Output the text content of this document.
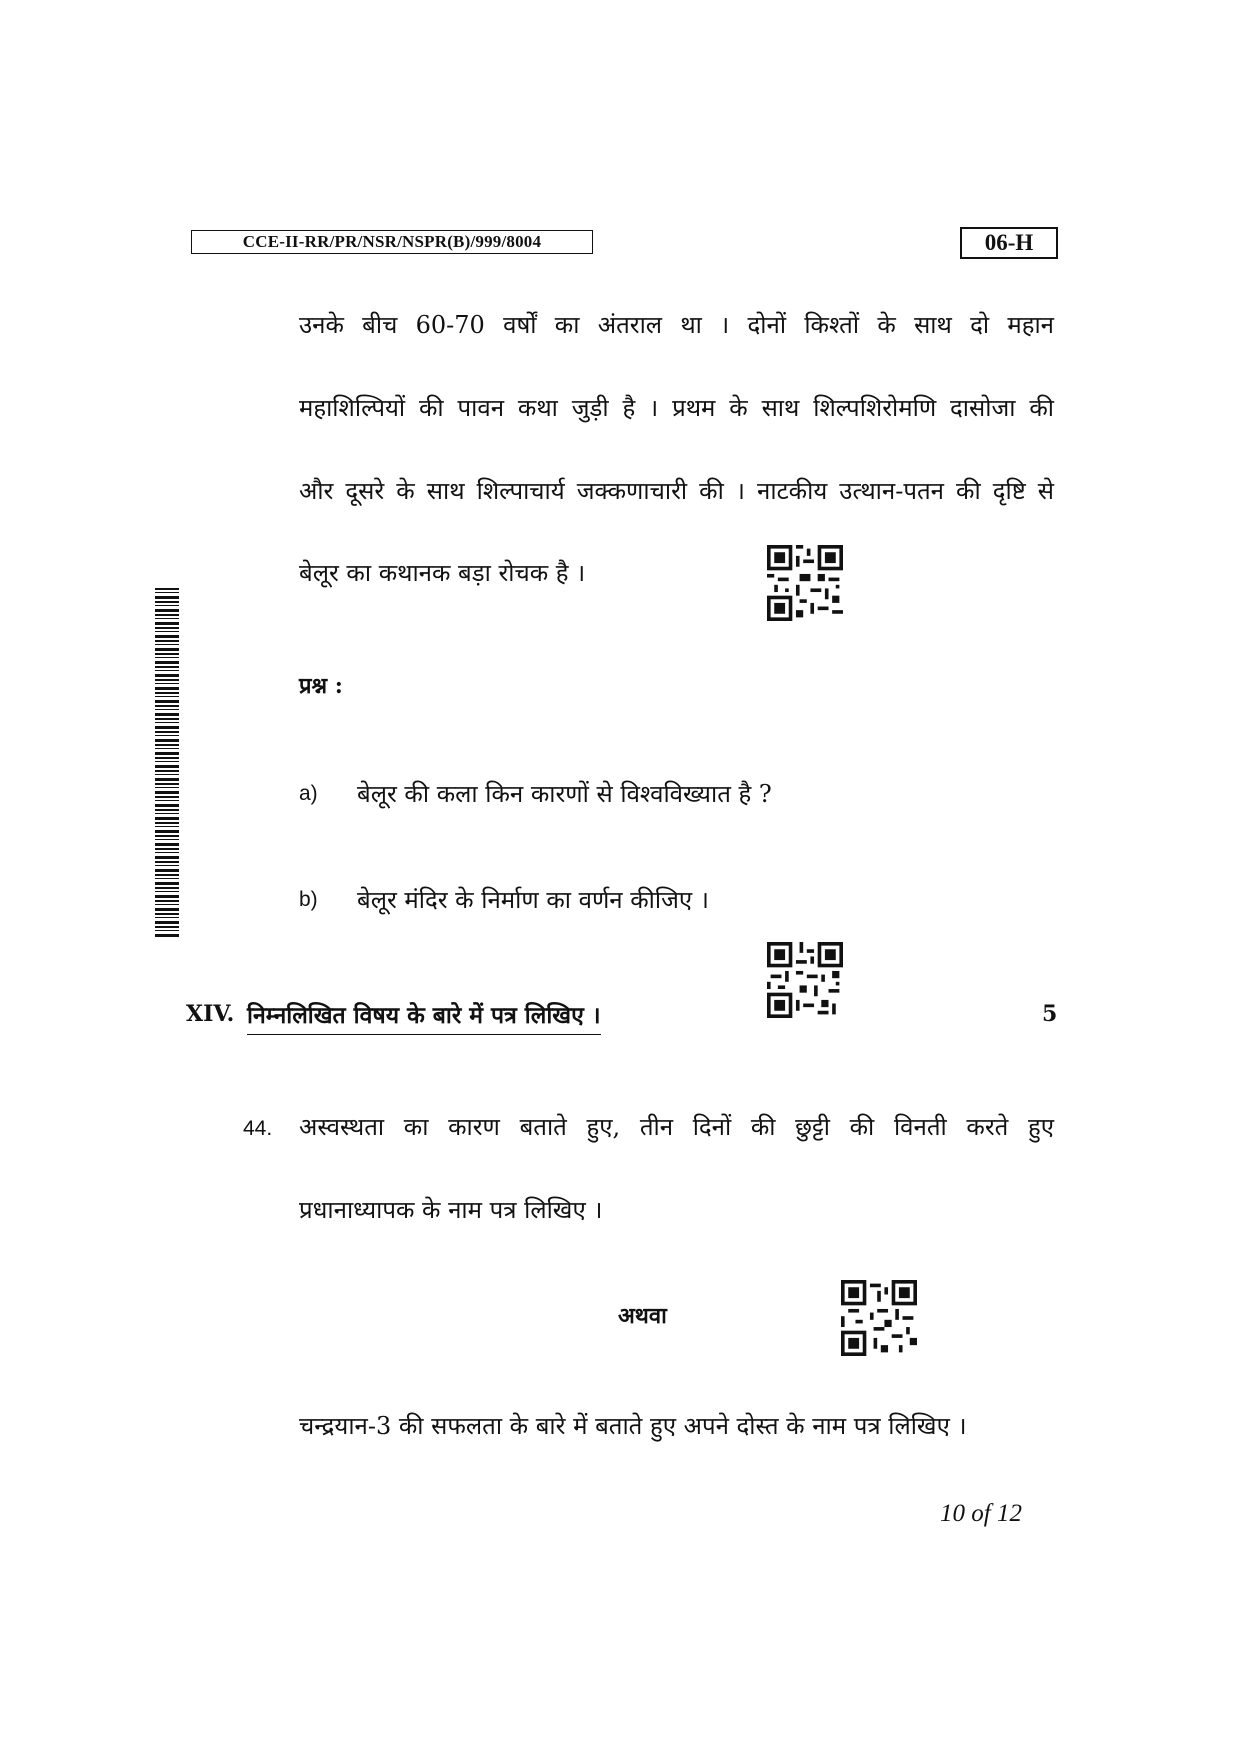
CCE-II-RR/PR/NSR/NSPR(B)/999/8004	06-H
उनके बीच 60-70 वर्षों का अंतराल था । दोनों किश्तों के साथ दो महान
महाशिल्पियों की पावन कथा जुड़ी है । प्रथम के साथ शिल्पशिरोमणि दासोजा की
और दूसरे के साथ शिल्पाचार्य जक्कणाचारी की । नाटकीय उत्थान-पतन की दृष्टि से
बेलूर का कथानक बड़ा रोचक है ।
प्रश्न :
a) बेलूर की कला किन कारणों से विश्वविख्यात है ?
b) बेलूर मंदिर के निर्माण का वर्णन कीजिए ।
XIV. निम्नलिखित विषय के बारे में पत्र लिखिए ।	5
44. अस्वस्थता का कारण बताते हुए, तीन दिनों की छुट्टी की विनती करते हुए
प्रधानाध्यापक के नाम पत्र लिखिए ।
अथवा
चन्द्रयान-3 की सफलता के बारे में बताते हुए अपने दोस्त के नाम पत्र लिखिए ।
10 of 12
